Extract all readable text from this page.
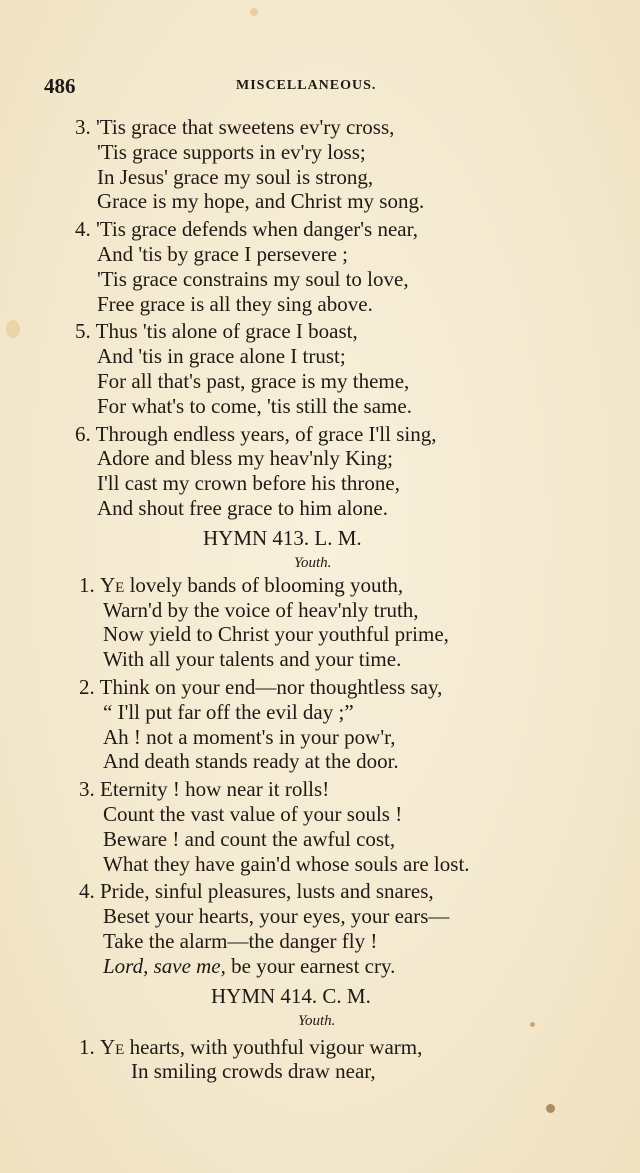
486	MISCELLANEOUS.
3. 'Tis grace that sweetens ev'ry cross,
'Tis grace supports in ev'ry loss;
In Jesus' grace my soul is strong,
Grace is my hope, and Christ my song.
4. 'Tis grace defends when danger's near,
And 'tis by grace I persevere ;
'Tis grace constrains my soul to love,
Free grace is all they sing above.
5. Thus 'tis alone of grace I boast,
And 'tis in grace alone I trust;
For all that's past, grace is my theme,
For what's to come, 'tis still the same.
6. Through endless years, of grace I'll sing,
Adore and bless my heav'nly King;
I'll cast my crown before his throne,
And shout free grace to him alone.
HYMN 413. L. M.
Youth.
1. Ye lovely bands of blooming youth,
Warn'd by the voice of heav'nly truth,
Now yield to Christ your youthful prime,
With all your talents and your time.
2. Think on your end—nor thoughtless say,
“ I'll put far off the evil day ;”
Ah ! not a moment's in your pow'r,
And death stands ready at the door.
3. Eternity ! how near it rolls!
Count the vast value of your souls !
Beware ! and count the awful cost,
What they have gain'd whose souls are lost.
4. Pride, sinful pleasures, lusts and snares,
Beset your hearts, your eyes, your ears—
Take the alarm—the danger fly !
Lord, save me, be your earnest cry.
HYMN 414. C. M.
Youth.
1. Ye hearts, with youthful vigour warm,
In smiling crowds draw near,
